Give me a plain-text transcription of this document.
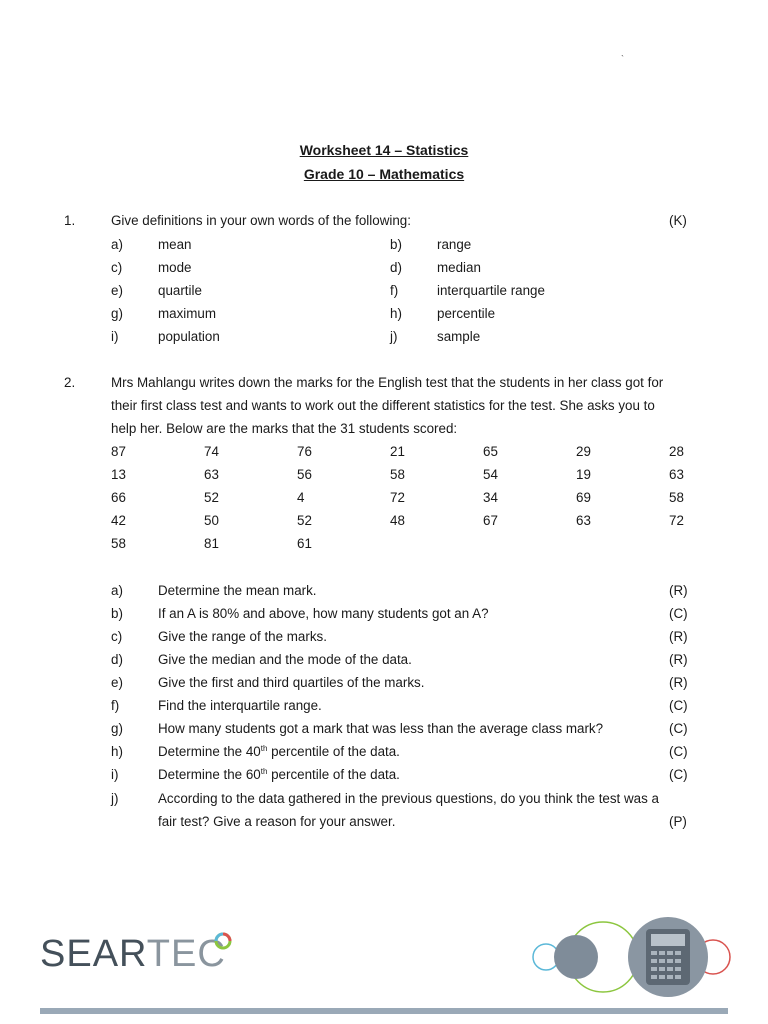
`
Worksheet 14 – Statistics
Grade 10 – Mathematics
1.	Give definitions in your own words of the following:	(K)
a)	mean	b)	range
c)	mode	d)	median
e)	quartile	f)	interquartile range
g)	maximum	h)	percentile
i)	population	j)	sample
2.	Mrs Mahlangu writes down the marks for the English test that the students in her class got for
their first class test and wants to work out the different statistics for the test. She asks you to
help her. Below are the marks that the 31 students scored:
87	74	76	21	65	29	28
13	63	56	58	54	19	63
66	52	4	72	34	69	58
42	50	52	48	67	63	72
58	81	61
a)	Determine the mean mark.	(R)
b)	If an A is 80% and above, how many students got an A?	(C)
c)	Give the range of the marks.	(R)
d)	Give the median and the mode of the data.	(R)
e)	Give the first and third quartiles of the marks.	(R)
f)	Find the interquartile range.	(C)
g)	How many students got a mark that was less than the average class mark?	(C)
h)	Determine the 40th percentile of the data.	(C)
i)	Determine the 60th percentile of the data.	(C)
j)	According to the data gathered in the previous questions, do you think the test was a
fair test? Give a reason for your answer.	(P)
SEARTEC
